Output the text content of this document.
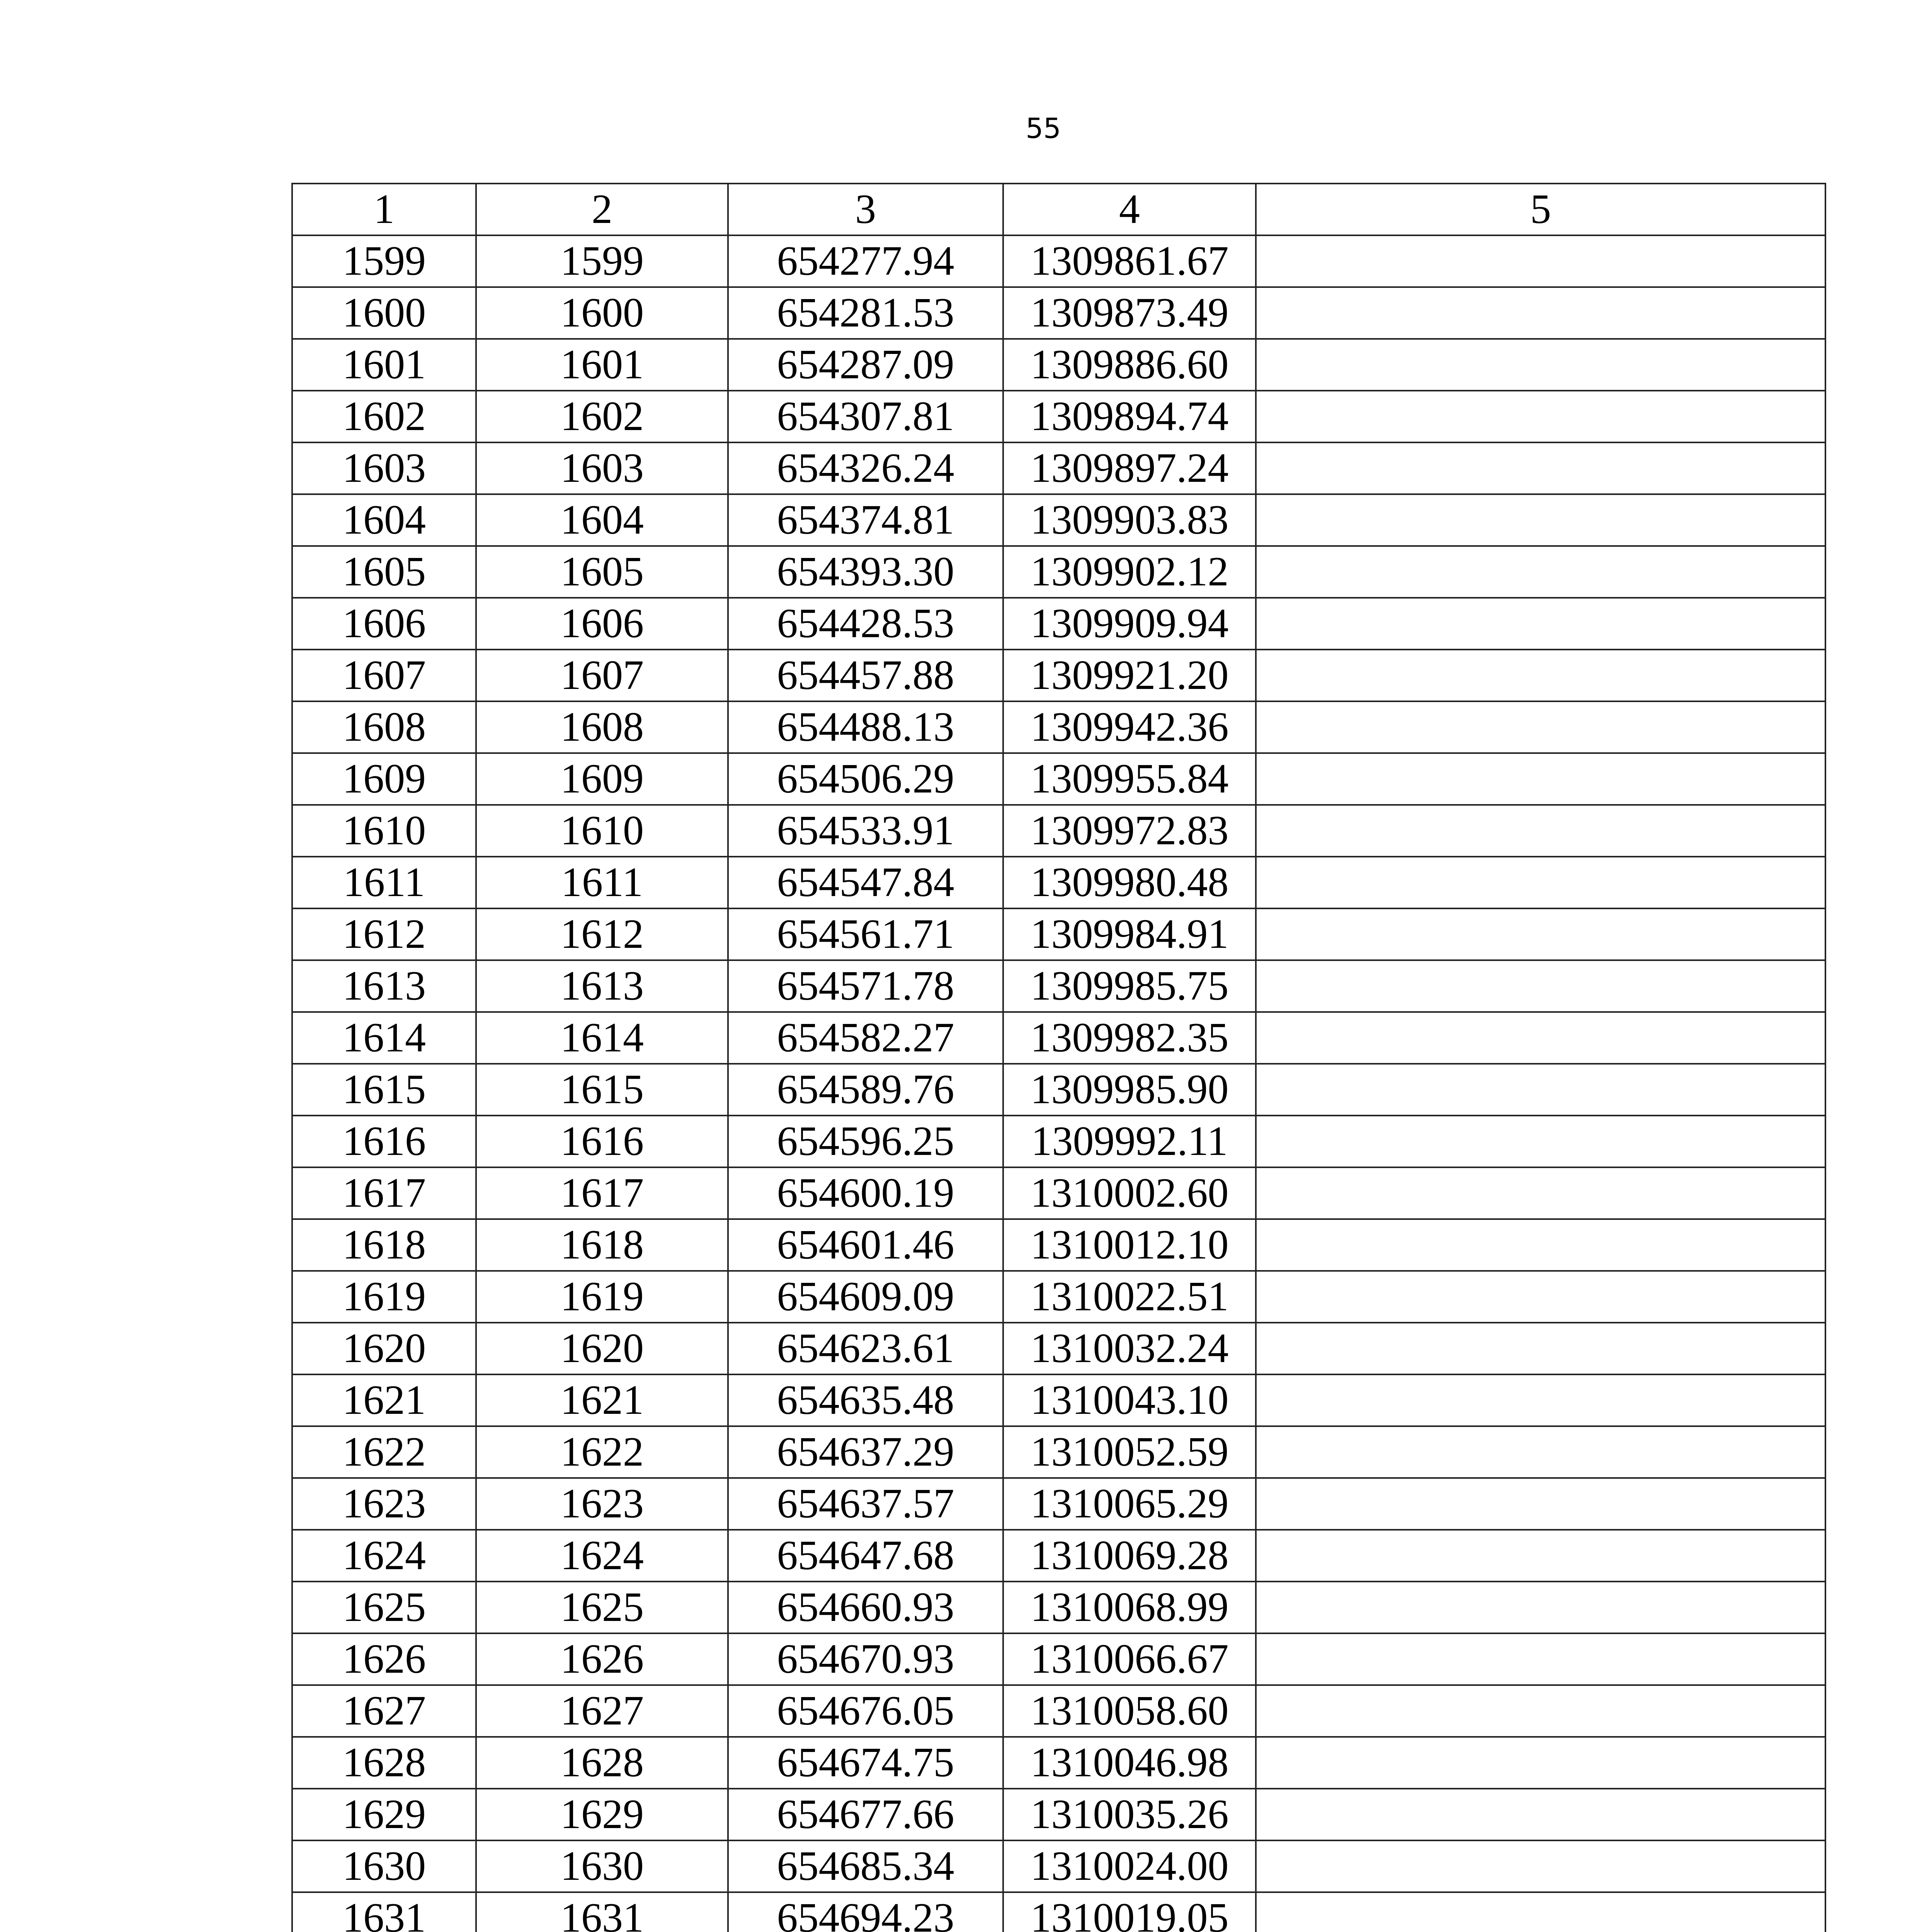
55
1	2	3	4	5
1599	1599	654277.94	1309861.67	
1600	1600	654281.53	1309873.49	
1601	1601	654287.09	1309886.60	
1602	1602	654307.81	1309894.74	
1603	1603	654326.24	1309897.24	
1604	1604	654374.81	1309903.83	
1605	1605	654393.30	1309902.12	
1606	1606	654428.53	1309909.94	
1607	1607	654457.88	1309921.20	
1608	1608	654488.13	1309942.36	
1609	1609	654506.29	1309955.84	
1610	1610	654533.91	1309972.83	
1611	1611	654547.84	1309980.48	
1612	1612	654561.71	1309984.91	
1613	1613	654571.78	1309985.75	
1614	1614	654582.27	1309982.35	
1615	1615	654589.76	1309985.90	
1616	1616	654596.25	1309992.11	
1617	1617	654600.19	1310002.60	
1618	1618	654601.46	1310012.10	
1619	1619	654609.09	1310022.51	
1620	1620	654623.61	1310032.24	
1621	1621	654635.48	1310043.10	
1622	1622	654637.29	1310052.59	
1623	1623	654637.57	1310065.29	
1624	1624	654647.68	1310069.28	
1625	1625	654660.93	1310068.99	
1626	1626	654670.93	1310066.67	
1627	1627	654676.05	1310058.60	
1628	1628	654674.75	1310046.98	
1629	1629	654677.66	1310035.26	
1630	1630	654685.34	1310024.00	
1631	1631	654694.23	1310019.05	
